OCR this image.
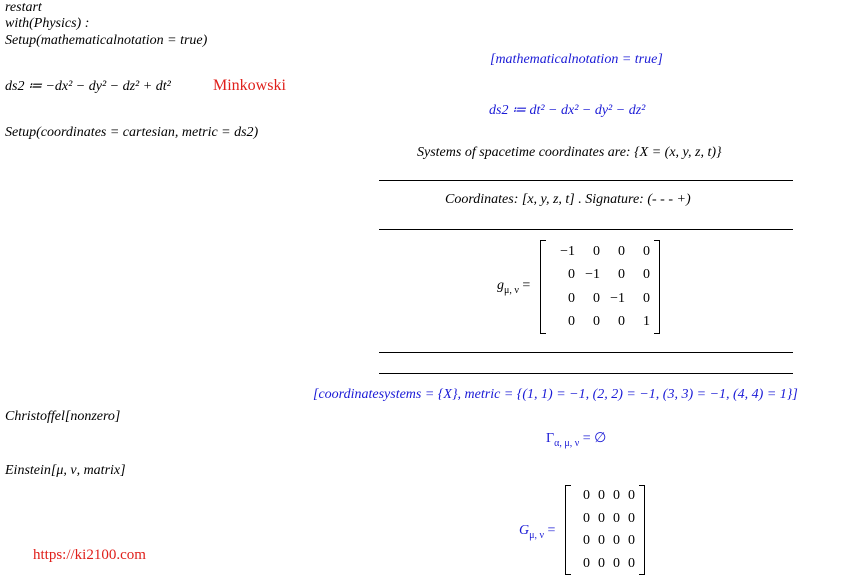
restart
with(Physics) :
Setup(mathematicalnotation = true)
[mathematicalnotation = true]
ds2 ≔ −dx² − dy² − dz² + dt²	Minkowski
ds2 ≔ dt² − dx² − dy² − dz²
Setup(coordinates = cartesian, metric = ds2)
Systems of spacetime coordinates are: {X = (x, y, z, t)}
Coordinates: [x, y, z, t] . Signature: (- - - +)
$g_{\mu, \nu}$ =
−1	0	0	0
0	−1	0	0
0	0	−1	0
0	0	0	1
[coordinatesystems = {X}, metric = {(1, 1) = −1, (2, 2) = −1, (3, 3) = −1, (4, 4) = 1}]
Christoffel[nonzero]
$\Gamma_{\alpha, \mu, \nu}$ = ∅
Einstein[μ, ν, matrix]
$G_{\mu, \nu}$ =
0	0	0	0
0	0	0	0
0	0	0	0
0	0	0	0
https://ki2100.com
